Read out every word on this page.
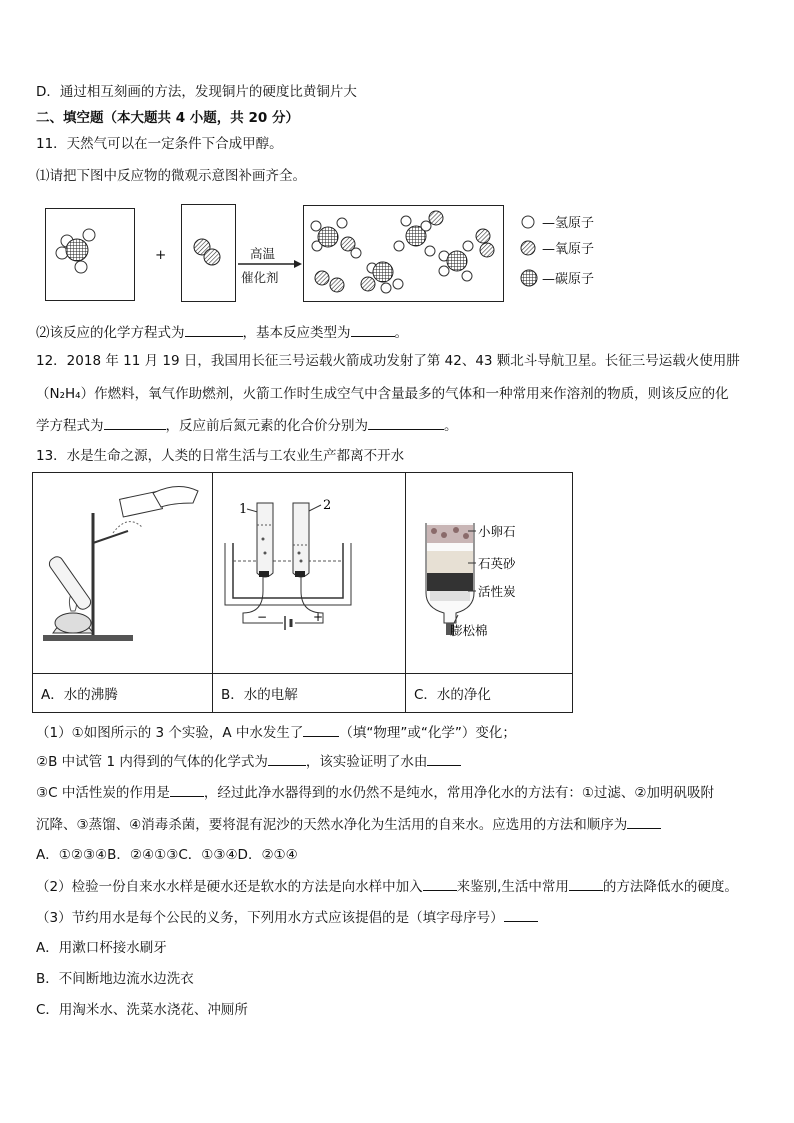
D．通过相互刻画的方法，发现铜片的硬度比黄铜片大
二、填空题（本大题共 4 小题，共 20 分）
11．天然气可以在一定条件下合成甲醇。
⑴请把下图中反应物的微观示意图补画齐全。
+	高温
催化剂
—氢原子
—氧原子
—碳原子
⑵该反应的化学方程式为	，基本反应类型为	。
12．2018 年 11 月 19 日，我国用长征三号运载火箭成功发射了第 42、43 颗北斗导航卫星。长征三号运载火使用肼
（N₂H₄）作燃料，氧气作助燃剂，火箭工作时生成空气中含量最多的气体和一种常用来作溶剂的物质，则该反应的化
学方程式为	，反应前后氮元素的化合价分别为	。
13．水是生命之源，人类的日常生活与工农业生产都离不开水

1 2
− +	小卵石
石英砂
活性炭
膨松棉

A．水的沸腾	B．水的电解	C．水的净化
（1）①如图所示的 3 个实验，A 中水发生了	（填“物理”或“化学”）变化；
②B 中试管 1 内得到的气体的化学式为	，该实验证明了水由
③C 中活性炭的作用是	，经过此净水器得到的水仍然不是纯水，常用净化水的方法有：①过滤、②加明矾吸附
沉降、③蒸馏、④消毒杀菌，要将混有泥沙的天然水净化为生活用的自来水。应选用的方法和顺序为
A．①②③④B．②④①③C．①③④D．②①④
（2）检验一份自来水水样是硬水还是软水的方法是向水样中加入	来鉴别,生活中常用	的方法降低水的硬度。
（3）节约用水是每个公民的义务，下列用水方式应该提倡的是（填字母序号）
A．用漱口杯接水刷牙
B．不间断地边流水边洗衣
C．用淘米水、洗菜水浇花、冲厕所
